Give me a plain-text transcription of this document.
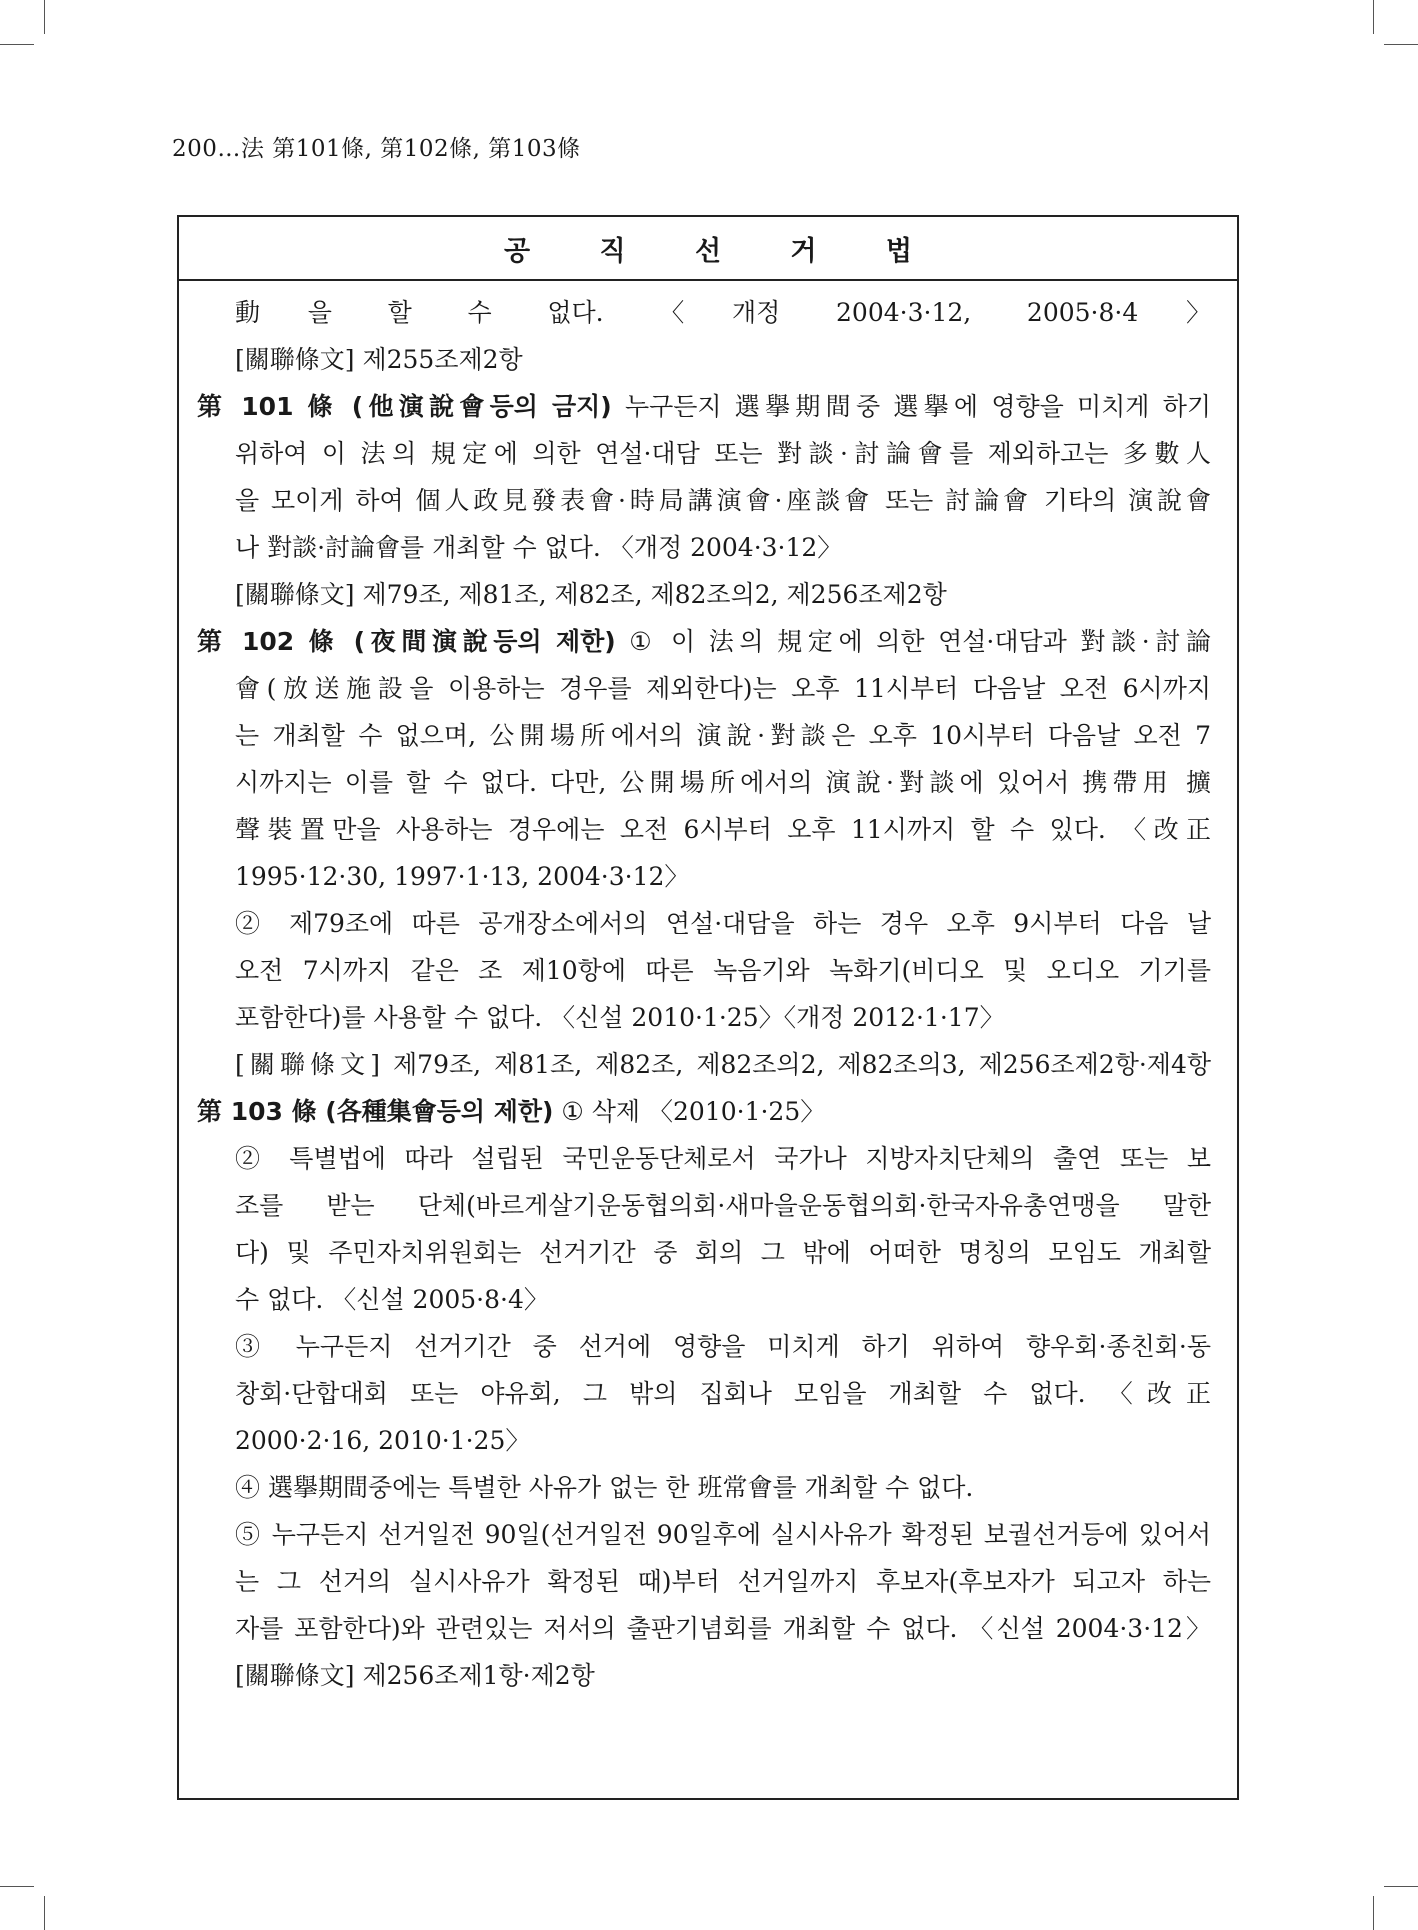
200…法 第101條, 第102條, 第103條
공 직 선 거 법
動을 할 수 없다. 〈개정 2004·3·12, 2005·8·4〉
[關聯條文] 제255조제2항
第 101 條 (他演說會등의 금지) 누구든지 選擧期間중 選擧에 영향을 미치게 하기
위하여 이 法의 規定에 의한 연설·대담 또는 對談·討論會를 제외하고는 多數人
을 모이게 하여 個人政見發表會·時局講演會·座談會 또는 討論會 기타의 演說會
나 對談·討論會를 개최할 수 없다. 〈개정 2004·3·12〉
[關聯條文] 제79조, 제81조, 제82조, 제82조의2, 제256조제2항
第 102 條 (夜間演說등의 제한) ① 이 法의 規定에 의한 연설·대담과 對談·討論
會(放送施設을 이용하는 경우를 제외한다)는 오후 11시부터 다음날 오전 6시까지
는 개최할 수 없으며, 公開場所에서의 演說·對談은 오후 10시부터 다음날 오전 7
시까지는 이를 할 수 없다. 다만, 公開場所에서의 演說·對談에 있어서 携帶用 擴
聲裝置만을 사용하는 경우에는 오전 6시부터 오후 11시까지 할 수 있다. 〈改正
1995·12·30, 1997·1·13, 2004·3·12〉
② 제79조에 따른 공개장소에서의 연설·대담을 하는 경우 오후 9시부터 다음 날
오전 7시까지 같은 조 제10항에 따른 녹음기와 녹화기(비디오 및 오디오 기기를
포함한다)를 사용할 수 없다. 〈신설 2010·1·25〉〈개정 2012·1·17〉
[關聯條文] 제79조, 제81조, 제82조, 제82조의2, 제82조의3, 제256조제2항·제4항
第 103 條 (各種集會등의 제한) ① 삭제 〈2010·1·25〉
② 특별법에 따라 설립된 국민운동단체로서 국가나 지방자치단체의 출연 또는 보
조를 받는 단체(바르게살기운동협의회·새마을운동협의회·한국자유총연맹을 말한
다) 및 주민자치위원회는 선거기간 중 회의 그 밖에 어떠한 명칭의 모임도 개최할
수 없다. 〈신설 2005·8·4〉
③ 누구든지 선거기간 중 선거에 영향을 미치게 하기 위하여 향우회·종친회·동
창회·단합대회 또는 야유회, 그 밖의 집회나 모임을 개최할 수 없다. 〈改正
2000·2·16, 2010·1·25〉
④ 選擧期間중에는 특별한 사유가 없는 한 班常會를 개최할 수 없다.
⑤ 누구든지 선거일전 90일(선거일전 90일후에 실시사유가 확정된 보궐선거등에 있어서
는 그 선거의 실시사유가 확정된 때)부터 선거일까지 후보자(후보자가 되고자 하는
자를 포함한다)와 관련있는 저서의 출판기념회를 개최할 수 없다. 〈신설 2004·3·12〉
[關聯條文] 제256조제1항·제2항
